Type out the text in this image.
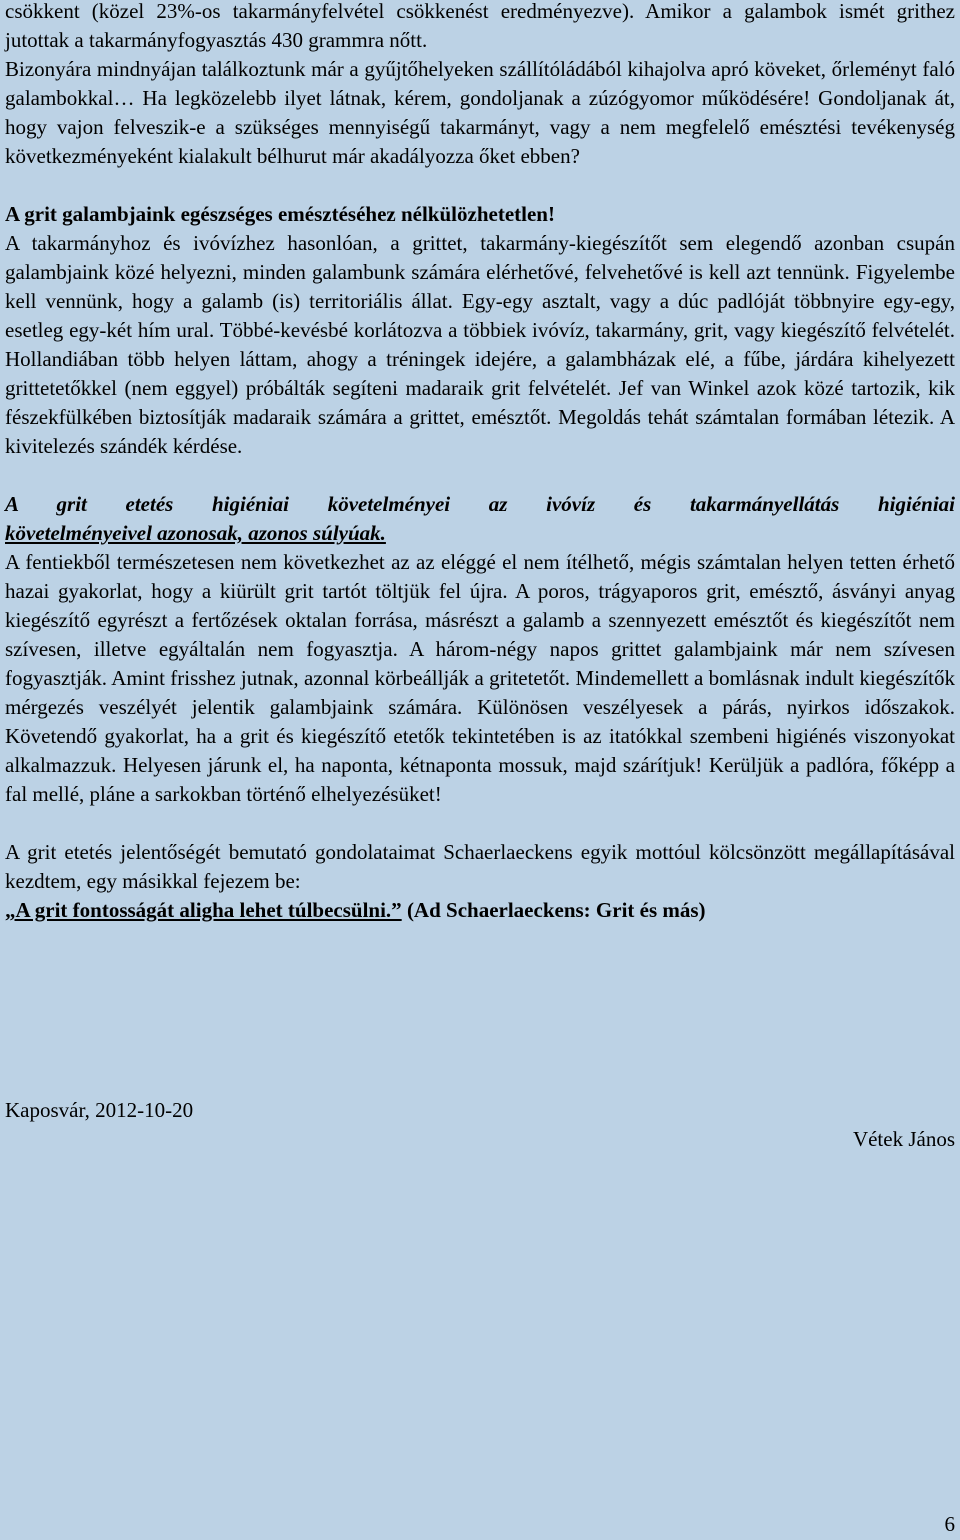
csökkent (közel 23%-os takarmányfelvétel csökkenést eredményezve). Amikor a galambok ismét grithez jutottak a takarmányfogyasztás 430 grammra nőtt.

Bizonyára mindnyájan találkoztunk már a gyűjtőhelyeken szállítóládából kihajolva apró köveket, őrleményt faló galambokkal… Ha legközelebb ilyet látnak, kérem, gondoljanak a zúzógyomor működésére! Gondoljanak át, hogy vajon felveszik-e a szükséges mennyiségű takarmányt, vagy a nem megfelelő emésztési tevékenység következményeként kialakult bélhurut már akadályozza őket ebben?

A grit galambjaink egészséges emésztéséhez nélkülözhetetlen!

A takarmányhoz és ivóvízhez hasonlóan, a grittet, takarmány-kiegészítőt sem elegendő azonban csupán galambjaink közé helyezni, minden galambunk számára elérhetővé, felvehetővé is kell azt tennünk. Figyelembe kell vennünk, hogy a galamb (is) territoriális állat. Egy-egy asztalt, vagy a dúc padlóját többnyire egy-egy, esetleg egy-két hím ural. Többé-kevésbé korlátozva a többiek ivóvíz, takarmány, grit, vagy kiegészítő felvételét. Hollandiában több helyen láttam, ahogy a tréningek idejére, a galambházak elé, a fűbe, járdára kihelyezett grittetetőkkel (nem eggyel) próbálták segíteni madaraik grit felvételét. Jef van Winkel azok közé tartozik, kik fészekfülkében biztosítják madaraik számára a grittet, emésztőt. Megoldás tehát számtalan formában létezik. A kivitelezés szándék kérdése.

A grit etetés higiéniai követelményei az ivóvíz és takarmányellátás higiéniai

követelményeivel azonosak, azonos súlyúak.

A fentiekből természetesen nem következhet az az eléggé el nem ítélhető, mégis számtalan helyen tetten érhető hazai gyakorlat, hogy a kiürült grit tartót töltjük fel újra. A poros, trágyaporos grit, emésztő, ásványi anyag kiegészítő egyrészt a fertőzések oktalan forrása, másrészt a galamb a szennyezett emésztőt és kiegészítőt nem szívesen, illetve egyáltalán nem fogyasztja. A három-négy napos grittet galambjaink már nem szívesen fogyasztják. Amint frisshez jutnak, azonnal körbeállják a gritetetőt. Mindemellett a bomlásnak indult kiegészítők mérgezés veszélyét jelentik galambjaink számára. Különösen veszélyesek a párás, nyirkos időszakok. Követendő gyakorlat, ha a grit és kiegészítő etetők tekintetében is az itatókkal szembeni higiénés viszonyokat alkalmazzuk. Helyesen járunk el, ha naponta, kétnaponta mossuk, majd szárítjuk! Kerüljük a padlóra, főképp a fal mellé, pláne a sarkokban történő elhelyezésüket!

A grit etetés jelentőségét bemutató gondolataimat Schaerlaeckens egyik mottóul kölcsönzött megállapításával kezdtem, egy másikkal fejezem be:

„A grit fontosságát aligha lehet túlbecsülni.” (Ad Schaerlaeckens: Grit és más)

Kaposvár, 2012-10-20
Vétek János
6
